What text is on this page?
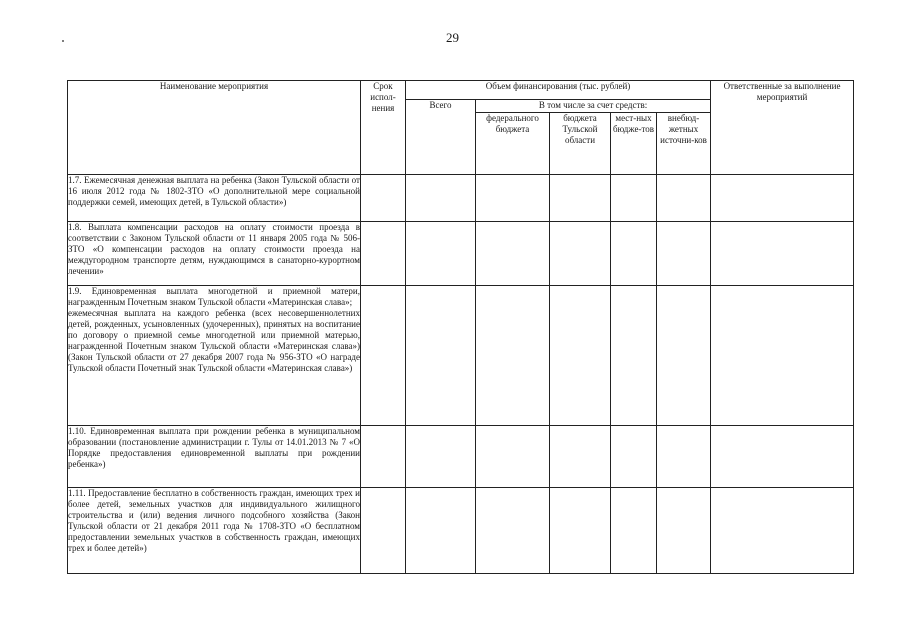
29
Наименование мероприятия	Срок испол-нения	Объем финансирования (тыс. рублей)					Ответственные за выполнение мероприятий
		Всего	В том числе за счет средств:				
			федерального бюджета	бюджета Тульской области	мест-ных бюдже-тов	внебюд-жетных источни-ков	
1.7. Ежемесячная денежная выплата на ребенка (Закон Тульской области от 16 июля 2012 года № 1802-ЗТО «О дополнительной мере социальной поддержки семей, имеющих детей, в Тульской области»)							
1.8. Выплата компенсации расходов на оплату стоимости проезда в соответствии с Законом Тульской области от 11 января 2005 года № 506-ЗТО «О компенсации расходов на оплату стоимости проезда на междугородном транспорте детям, нуждающимся в санаторно-курортном лечении»							

1.9. Единовременная выплата многодетной и приемной матери, награжденным Почетным знаком Тульской области «Материнская слава»;
ежемесячная выплата на каждого ребенка (всех несовершеннолетних детей, рожденных, усыновленных (удочеренных), принятых на воспитание по договору о приемной семье многодетной или приемной матерью, награжденной Почетным знаком Тульской области «Материнская слава») (Закон Тульской области от 27 декабря 2007 года № 956-ЗТО «О награде Тульской области Почетный знак Тульской области «Материнская слава»)							

1.10. Единовременная выплата при рождении ребенка в муниципальном образовании (постановление администрации г. Тулы от 14.01.2013 № 7 «О Порядке предоставления единовременной выплаты при рождении ребенка»)							
1.11. Предоставление бесплатно в собственность граждан, имеющих трех и более детей, земельных участков для индивидуального жилищного строительства и (или) ведения личного подсобного хозяйства (Закон Тульской области от 21 декабря 2011 года № 1708-ЗТО «О бесплатном предоставлении земельных участков в собственность граждан, имеющих трех и более детей»)							
